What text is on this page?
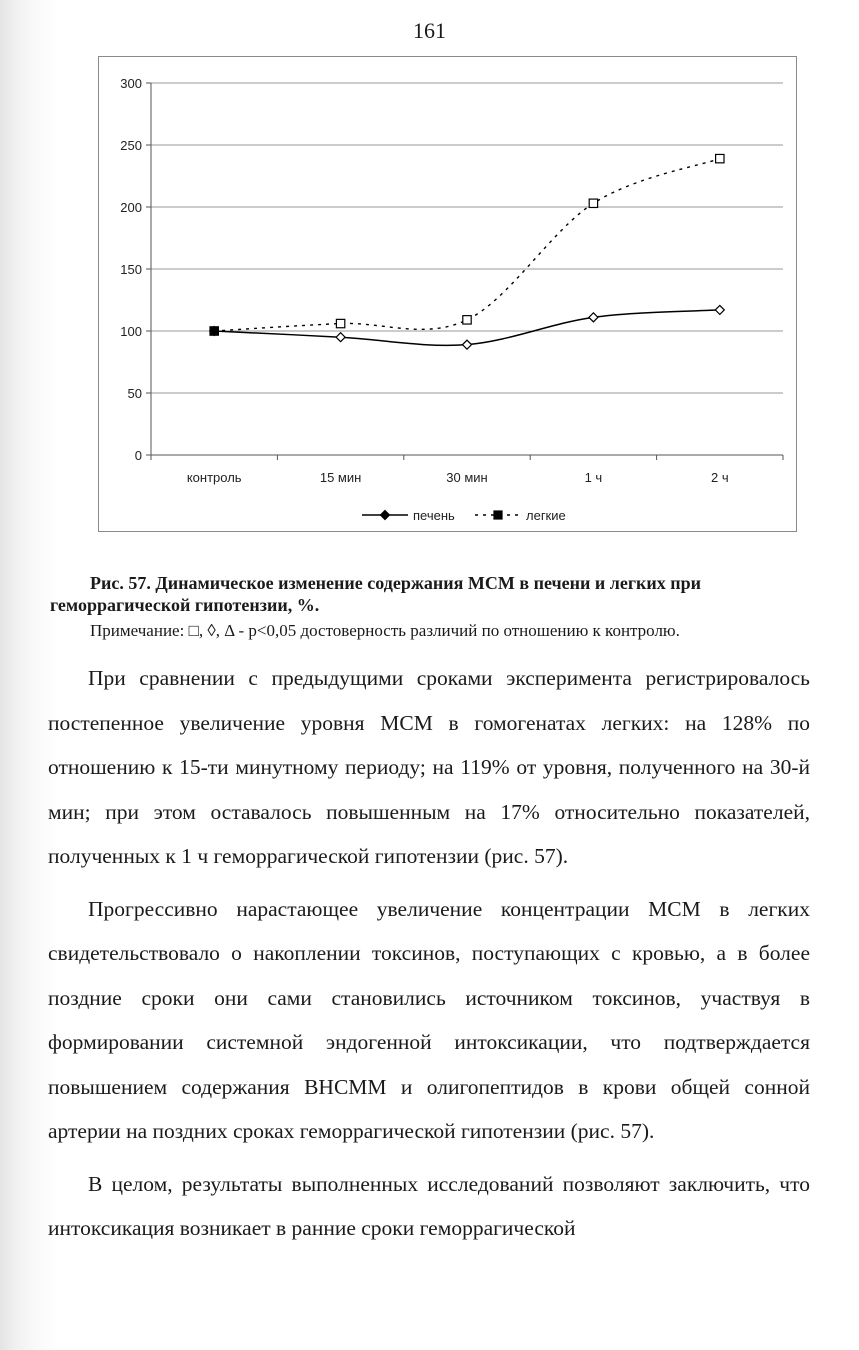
161
0
50
100
150
200
250
300
контроль	15 мин	30 мин	1 ч	2 ч
печень	легкие
Рис. 57. Динамическое изменение содержания МСМ в печени и легких при
геморрагической гипотензии, %.
Примечание: □, ◊, Δ - р<0,05 достоверность различий по отношению к контролю.

При сравнении с предыдущими сроками эксперимента регистрировалось постепенное увеличение уровня МСМ в гомогенатах легких: на 128% по отношению к 15-ти минутному периоду; на 119% от уровня, полученного на 30-й мин; при этом оставалось повышенным на 17% относительно показателей, полученных к 1 ч геморрагической гипотензии (рис. 57).

Прогрессивно нарастающее увеличение концентрации МСМ в легких свидетельствовало о накоплении токсинов, поступающих с кровью, а в более поздние сроки они сами становились источником токсинов, участвуя в формировании системной эндогенной интоксикации, что подтверждается повышением содержания ВНСММ и олигопептидов в крови общей сонной артерии на поздних сроках геморрагической гипотензии (рис. 57).

В целом, результаты выполненных исследований позволяют заключить, что интоксикация возникает в ранние сроки геморрагической
